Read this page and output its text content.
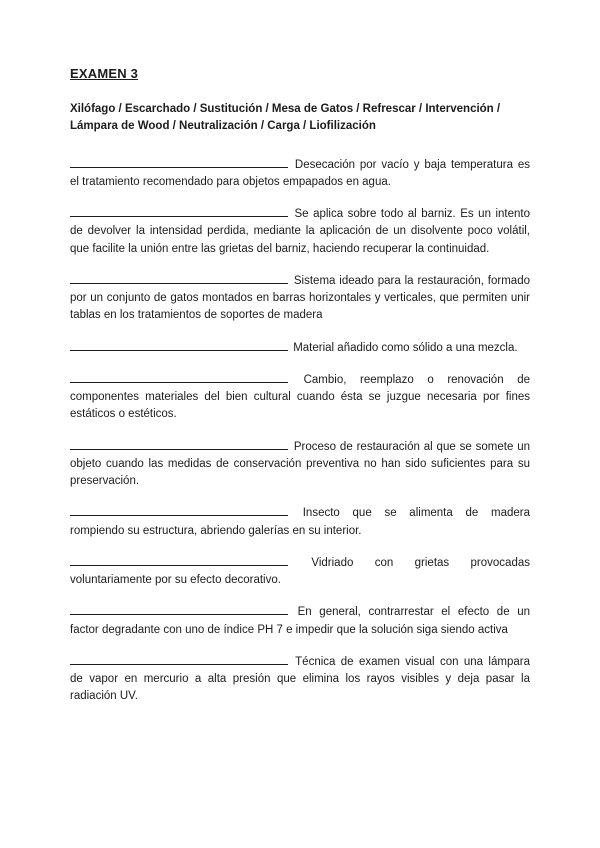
EXAMEN 3

Xilófago / Escarchado / Sustitución / Mesa de Gatos / Refrescar / Intervención / Lámpara de Wood / Neutralización / Carga / Liofilización

Desecación por vacío y baja temperatura es el tratamiento recomendado para objetos empapados en agua.

Se aplica sobre todo al barniz. Es un intento de devolver la intensidad perdida, mediante la aplicación de un disolvente poco volátil, que facilite la unión entre las grietas del barniz, haciendo recuperar la continuidad.

Sistema ideado para la restauración, formado por un conjunto de gatos montados en barras horizontales y verticales, que permiten unir tablas en los tratamientos de soportes de madera

Material añadido como sólido a una mezcla.

Cambio, reemplazo o renovación de componentes materiales del bien cultural cuando ésta se juzgue necesaria por fines estáticos o estéticos.

Proceso de restauración al que se somete un objeto cuando las medidas de conservación preventiva no han sido suficientes para su preservación.

Insecto que se alimenta de madera rompiendo su estructura, abriendo galerías en su interior.

Vidriado con grietas provocadas voluntariamente por su efecto decorativo.

En general, contrarrestar el efecto de un factor degradante con uno de índice PH 7 e impedir que la solución siga siendo activa

Técnica de examen visual con una lámpara de vapor en mercurio a alta presión que elimina los rayos visibles y deja pasar la radiación UV.
